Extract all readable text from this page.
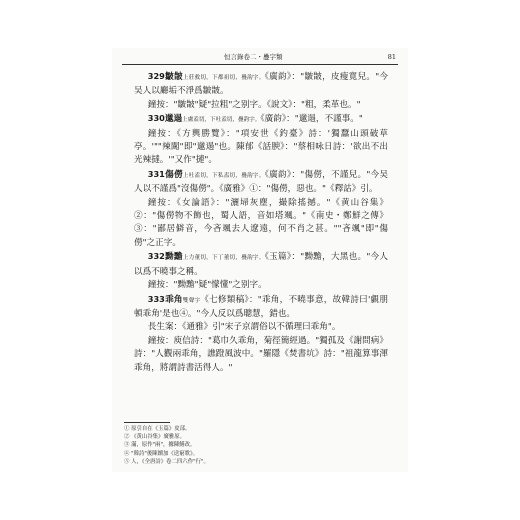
恒言錄卷二・疊字類	81

329皺皵上莊救切，下都祖切，疊韵字。《廣韵》："皺皵，皮瘦寬兒。"今吴人以廳垢不淨爲皺皵。

鐘按："皺皵"疑"拉粗"之别字。《說文》："粗，柔革也。"

330邋遢上盧盍切，下吐盍切，疊韵字。《廣韵》："邋遢，不謹事。"

鐘按：《方輿勝覽》："項安世《釣臺》詩：'獨蠶山頭破草亭。'""辣闖"即"邋遢"也。陳郁《話腴》："蔡相咏日詩：'欲出不出光辣撻。'"又作"摙"。

331傷僗上吐盍切，下私盍切，疊韵字。《廣韵》："傷僗，不謹兒。"今吴人以不謹爲"沒傷僗"。《廣雅》①："傷僗，惡也。"《釋詁》引。

鐘按：《女論語》："灑埽灰塵，撮除搖撼。"《黄山谷集》②："傷僗物不飾也，蜀人語，音如塔颯。"《南史・鄭鮮之傳》③："鄙居僻音，今吝颯去人遼遠，何不肖之甚。""吝颯"即"傷僗"之正字。

332黝黵上力董切，下丁董切，疊韵字。《玉篇》："黝黵，大黑也。"今人以爲不曉事之稱。

鐘按："黝黵"疑"懞懂"之别字。

333乖角雙聲字《七修類稿》："乖角，不曉事意，故韓詩曰'覷朋頓乖角'是也④。"今人反以爲聰慧，錯也。

長生案：《通雅》引"宋子京謂俗以不循理曰乖角"。

鐘按：庾信詩："葛巾久乖角，菊徑簡經過。"獨孤及《謝問病》詩："人觀兩乖角，譙蹬風波中。"羅隱《焚書坑》詩："祖龍算事渾乖角，將謂詩書活得人。"

① 原引自在《玉篇》皮部。

② 《黄山谷集》廣雅原。

③ 滿，原作"兩"，據陳鱔改。

④ "韓詩"後陳續加《送窮歌》。

⑤ 人，《全唐詩》卷二四六作"行"。
